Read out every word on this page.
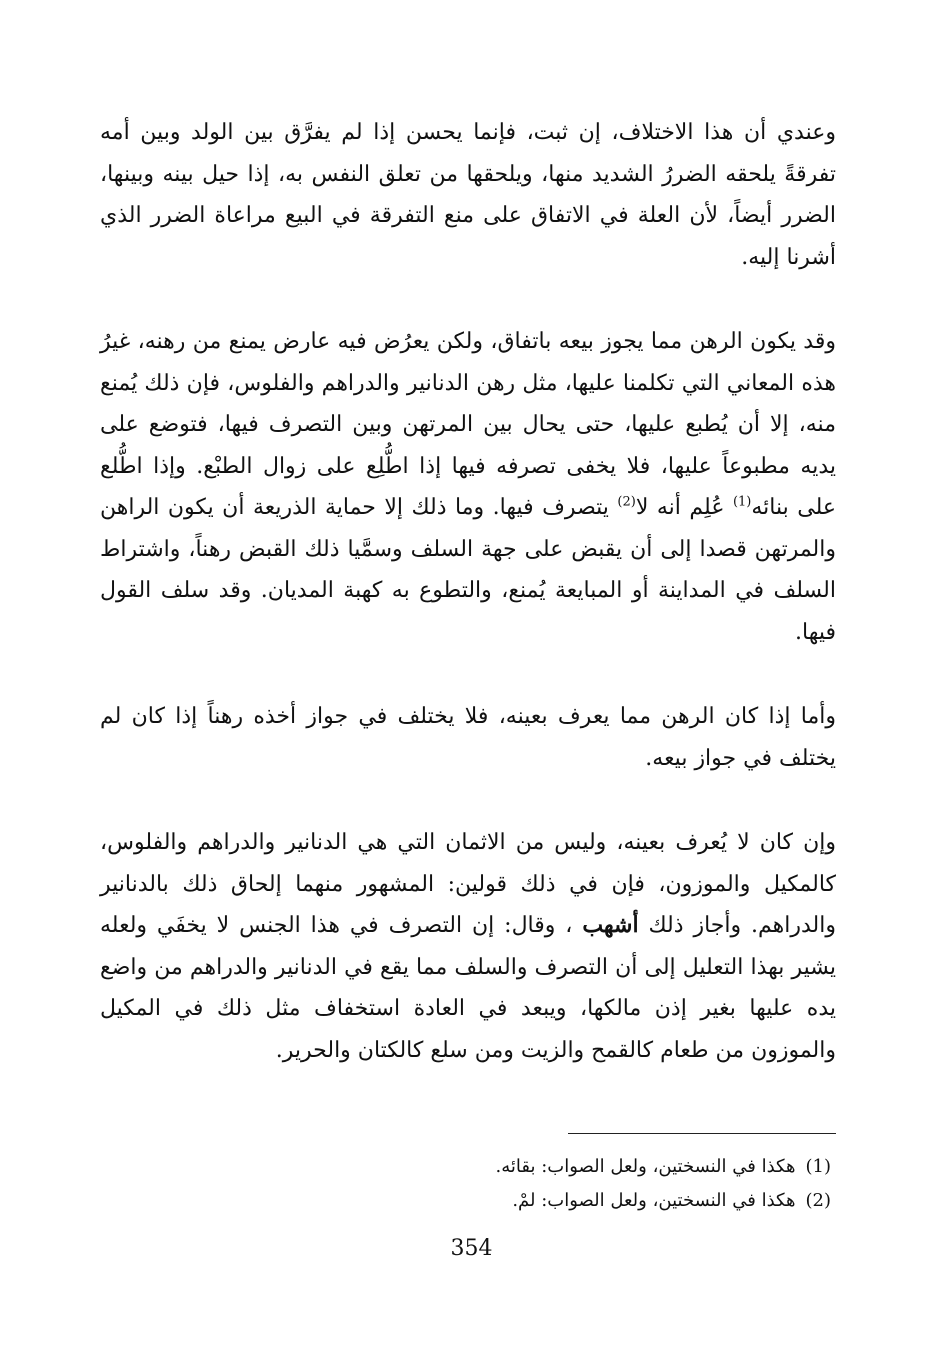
وعندي أن هذا الاختلاف، إن ثبت، فإنما يحسن إذا لم يفرَّق بين الولد وبين أمه تفرقةً يلحقه الضررُ الشديد منها، ويلحقها من تعلق النفس به، إذا حيل بينه وبينها، الضرر أيضاً، لأن العلة في الاتفاق على منع التفرقة في البيع مراعاة الضرر الذي أشرنا إليه.

وقد يكون الرهن مما يجوز بيعه باتفاق، ولكن يعرُض فيه عارض يمنع من رهنه، غيرُ هذه المعاني التي تكلمنا عليها، مثل رهن الدنانير والدراهم والفلوس، فإن ذلك يُمنع منه، إلا أن يُطبع عليها، حتى يحال بين المرتهن وبين التصرف فيها، فتوضع على يديه مطبوعاً عليها، فلا يخفى تصرفه فيها إذا اطُّلِع على زوال الطبْع. وإذا اطُّلع على بنائه$^{(1)}$ عُلِم أنه لا$^{(2)}$ يتصرف فيها. وما ذلك إلا حماية الذريعة أن يكون الراهن والمرتهن قصدا إلى أن يقبض على جهة السلف وسمَّيا ذلك القبض رهناً، واشتراط السلف في المداينة أو المبايعة يُمنع، والتطوع به كهبة المديان. وقد سلف القول فيها.

وأما إذا كان الرهن مما يعرف بعينه، فلا يختلف في جواز أخذه رهناً إذا كان لم يختلف في جواز بيعه.

وإن كان لا يُعرف بعينه، وليس من الاثمان التي هي الدنانير والدراهم والفلوس، كالمكيل والموزون، فإن في ذلك قولين: المشهور منهما إلحاق ذلك بالدنانير والدراهم. وأجاز ذلك أشهب ، وقال: إن التصرف في هذا الجنس لا يخفَي ولعله يشير بهذا التعليل إلى أن التصرف والسلف مما يقع في الدنانير والدراهم من واضع يده عليها بغير إذن مالكها، ويبعد في العادة استخفاف مثل ذلك في المكيل والموزون من طعام كالقمح والزيت ومن سلع كالكتان والحرير.

(1)هكذا في النسختين، ولعل الصواب: بقائه.
(2)هكذا في النسختين، ولعل الصواب: لمْ.
354
